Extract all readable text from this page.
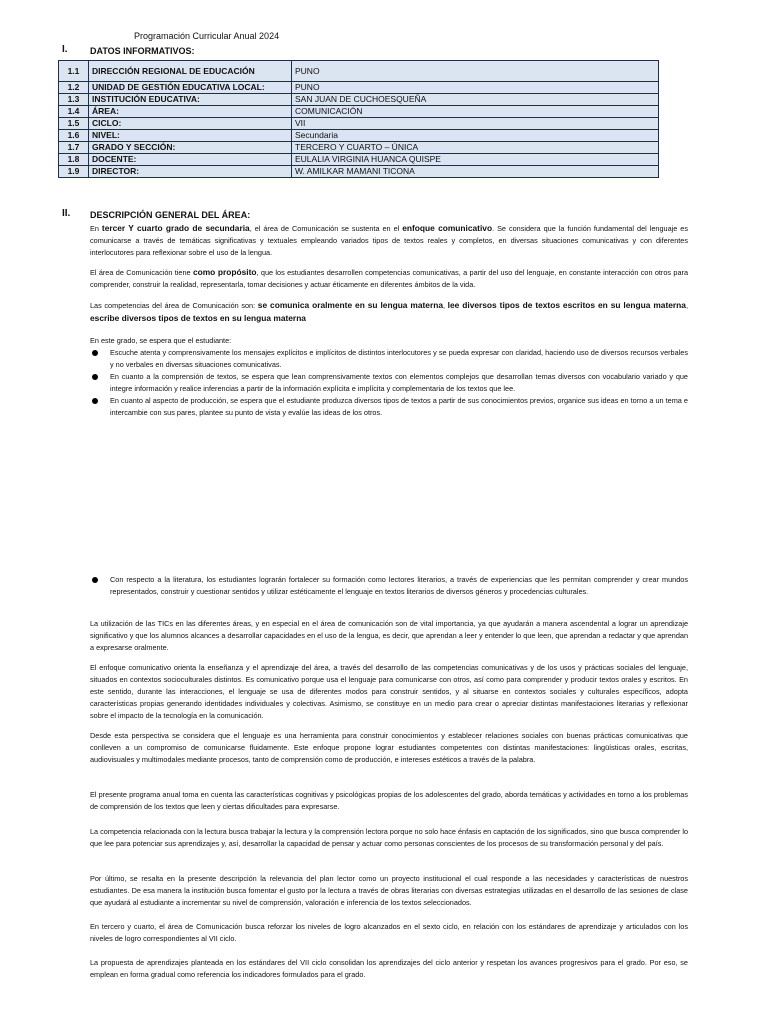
Programación Curricular Anual 2024
I. DATOS INFORMATIVOS:
1.1	DIRECCIÓN REGIONAL DE EDUCACIÓN	PUNO
1.2	UNIDAD DE GESTIÓN EDUCATIVA LOCAL:	PUNO
1.3	INSTITUCIÓN EDUCATIVA:	SAN JUAN DE CUCHOESQUEÑA
1.4	ÁREA:	COMUNICACIÓN
1.5	CICLO:	VII
1.6	NIVEL:	Secundaria
1.7	GRADO Y SECCIÓN:	TERCERO Y CUARTO – ÚNICA
1.8	DOCENTE:	EULALIA VIRGINIA HUANCA QUISPE
1.9	DIRECTOR:	W. AMILKAR MAMANI TICONA
II. DESCRIPCIÓN GENERAL DEL ÁREA:
En tercer Y cuarto grado de secundaria, el área de Comunicación se sustenta en el enfoque comunicativo. Se considera que la función fundamental del lenguaje es comunicarse a través de temáticas significativas y textuales empleando variados tipos de textos reales y completos, en diversas situaciones comunicativas y con diferentes interlocutores para reflexionar sobre el uso de la lengua.
El área de Comunicación tiene como propósito, que los estudiantes desarrollen competencias comunicativas, a partir del uso del lenguaje, en constante interacción con otros para comprender, construir la realidad, representarla, tomar decisiones y actuar éticamente en diferentes ámbitos de la vida.
Las competencias del área de Comunicación son: se comunica oralmente en su lengua materna, lee diversos tipos de textos escritos en su lengua materna, escribe diversos tipos de textos en su lengua materna
En este grado, se espera que el estudiante:
Escuche atenta y comprensivamente los mensajes explícitos e implícitos de distintos interlocutores y se pueda expresar con claridad, haciendo uso de diversos recursos verbales y no verbales en diversas situaciones comunicativas.
En cuanto a la comprensión de textos, se espera que lean comprensivamente textos con elementos complejos que desarrollan temas diversos con vocabulario variado y que integre información y realice inferencias a partir de la información explícita e implícita y complementaria de los textos que lee.
En cuanto al aspecto de producción, se espera que el estudiante produzca diversos tipos de textos a partir de sus conocimientos previos, organice sus ideas en torno a un tema e intercambie con sus pares, plantee su punto de vista y evalúe las ideas de los otros.
Con respecto a la literatura, los estudiantes lograrán fortalecer su formación como lectores literarios, a través de experiencias que les permitan comprender y crear mundos representados, construir y cuestionar sentidos y utilizar estéticamente el lenguaje en textos literarios de diversos géneros y procedencias culturales.
La utilización de las TICs en las diferentes áreas, y en especial en el área de comunicación son de vital importancia, ya que ayudarán a manera ascendental a lograr un aprendizaje significativo y que los alumnos alcances a desarrollar capacidades en el uso de la lengua, es decir, que aprendan a leer y entender lo que leen, que aprendan a redactar y que aprendan a expresarse oralmente.
El enfoque comunicativo orienta la enseñanza y el aprendizaje del área, a través del desarrollo de las competencias comunicativas y de los usos y prácticas sociales del lenguaje, situados en contextos socioculturales distintos. Es comunicativo porque usa el lenguaje para comunicarse con otros, así como para comprender y producir textos orales y escritos. En este sentido, durante las interacciones, el lenguaje se usa de diferentes modos para construir sentidos, y al situarse en contextos sociales y culturales específicos, adopta características propias generando identidades individuales y colectivas. Asimismo, se constituye en un medio para crear o apreciar distintas manifestaciones literarias y reflexionar sobre el impacto de la tecnología en la comunicación.
Desde esta perspectiva se considera que el lenguaje es una herramienta para construir conocimientos y establecer relaciones sociales con buenas prácticas comunicativas que conlleven a un compromiso de comunicarse fluidamente. Este enfoque propone lograr estudiantes competentes con distintas manifestaciones: lingüísticas orales, escritas, audiovisuales y multimodales mediante procesos, tanto de comprensión como de producción, e intereses estéticos a través de la palabra.
El presente programa anual toma en cuenta las características cognitivas y psicológicas propias de los adolescentes del grado, aborda temáticas y actividades en torno a los problemas de comprensión de los textos que leen y ciertas dificultades para expresarse.
La competencia relacionada con la lectura busca trabajar la lectura y la comprensión lectora porque no solo hace énfasis en captación de los significados, sino que busca comprender lo que lee para potenciar sus aprendizajes y, así, desarrollar la capacidad de pensar y actuar como personas conscientes de los procesos de su transformación personal y del país.
Por último, se resalta en la presente descripción la relevancia del plan lector como un proyecto institucional el cual responde a las necesidades y características de nuestros estudiantes. De esa manera la institución busca fomentar el gusto por la lectura a través de obras literarias con diversas estrategias utilizadas en el desarrollo de las sesiones de clase que ayudará al estudiante a incrementar su nivel de comprensión, valoración e inferencia de los textos seleccionados.
En tercero y cuarto, el área de Comunicación busca reforzar los niveles de logro alcanzados en el sexto ciclo, en relación con los estándares de aprendizaje y articulados con los niveles de logro correspondientes al VII ciclo.
La propuesta de aprendizajes planteada en los estándares del VII ciclo consolidan los aprendizajes del ciclo anterior y respetan los avances progresivos para el grado. Por eso, se emplean en forma gradual como referencia los indicadores formulados para el grado.
